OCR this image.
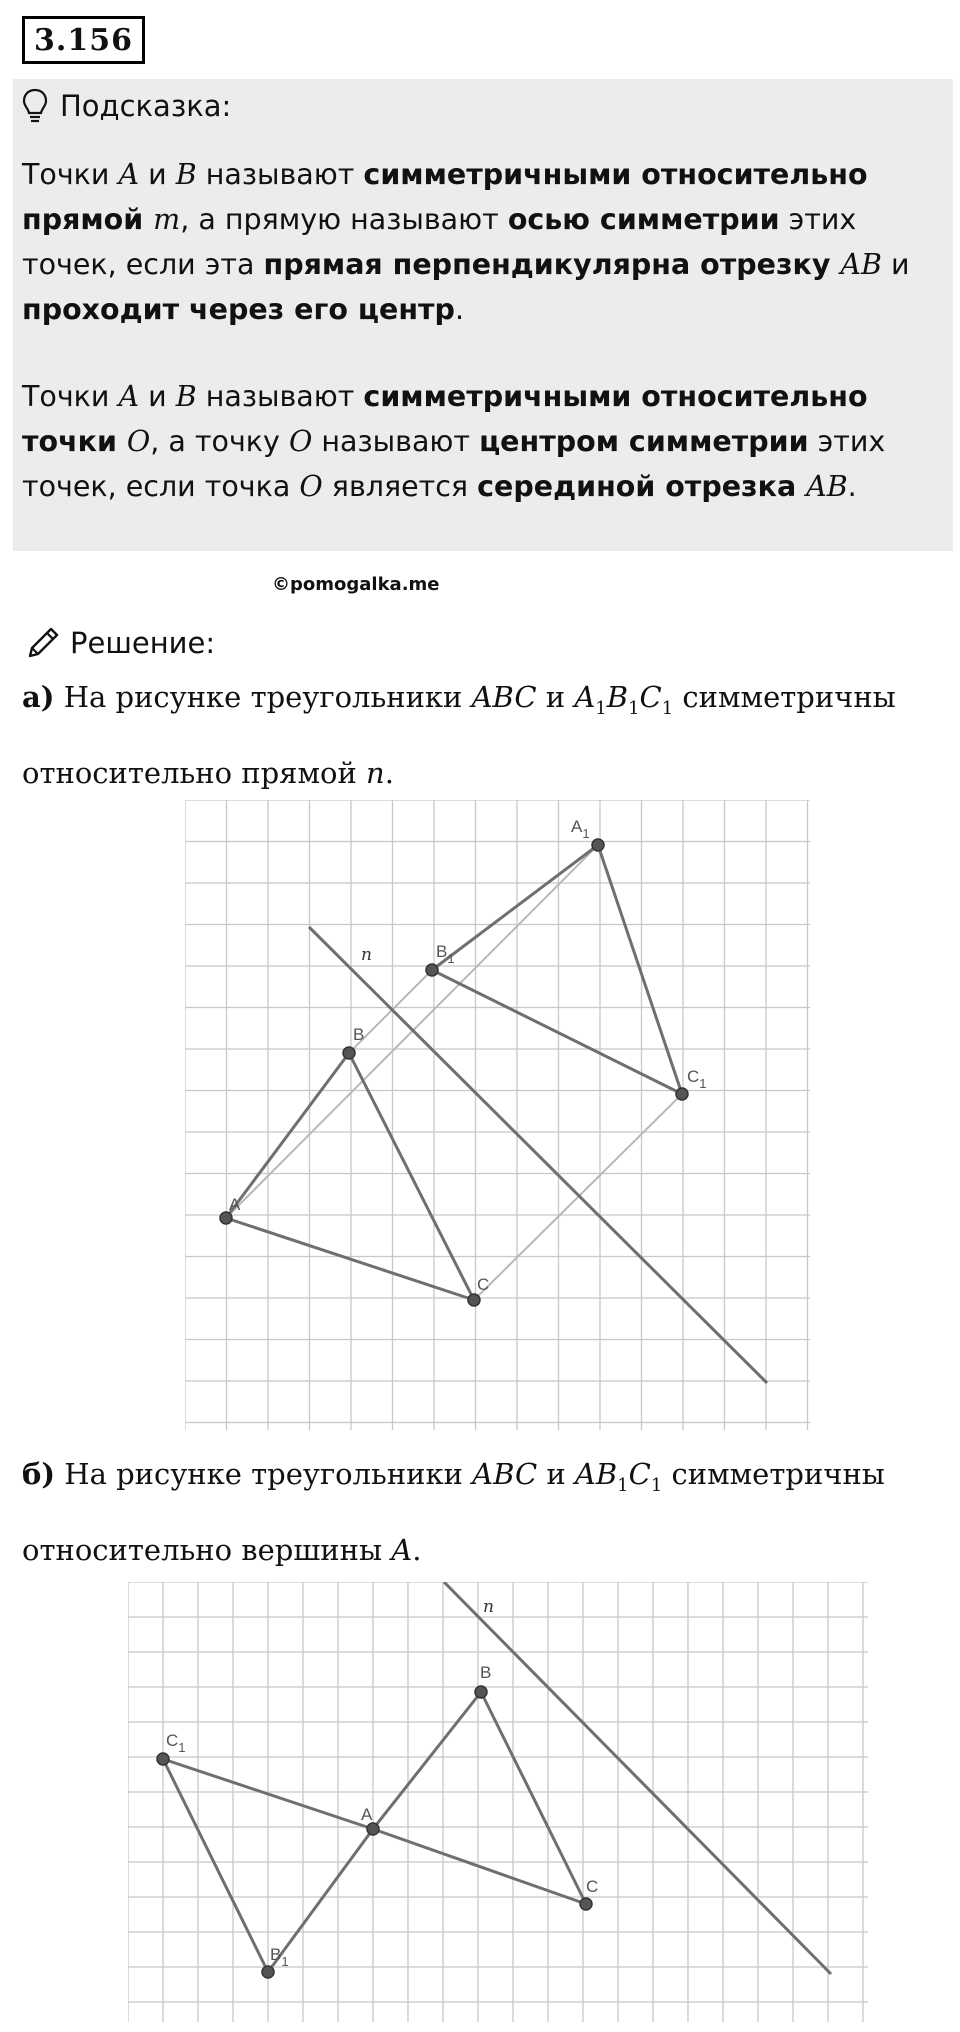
3.156
Подсказка:

Точки A и B называют симметричными относительно прямой m, а прямую называют осью симметрии этих точек, если эта прямая перпендикулярна отрезку AB и проходит через его центр.

Точки A и B называют симметричными относительно точки O, а точку O называют центром симметрии этих точек, если точка O является серединой отрезка AB.

©pomogalka.me
Решение:

а) На рисунке треугольники ABC и $A_1B_1C_1$ симметричны относительно прямой n.

A
B
C
$A_1$
$B_1$
$C_1$
n

б) На рисунке треугольники ABC и $AB_1C_1$ симметричны относительно вершины A.

A
B
C
$C_1$
$B_1$
n
